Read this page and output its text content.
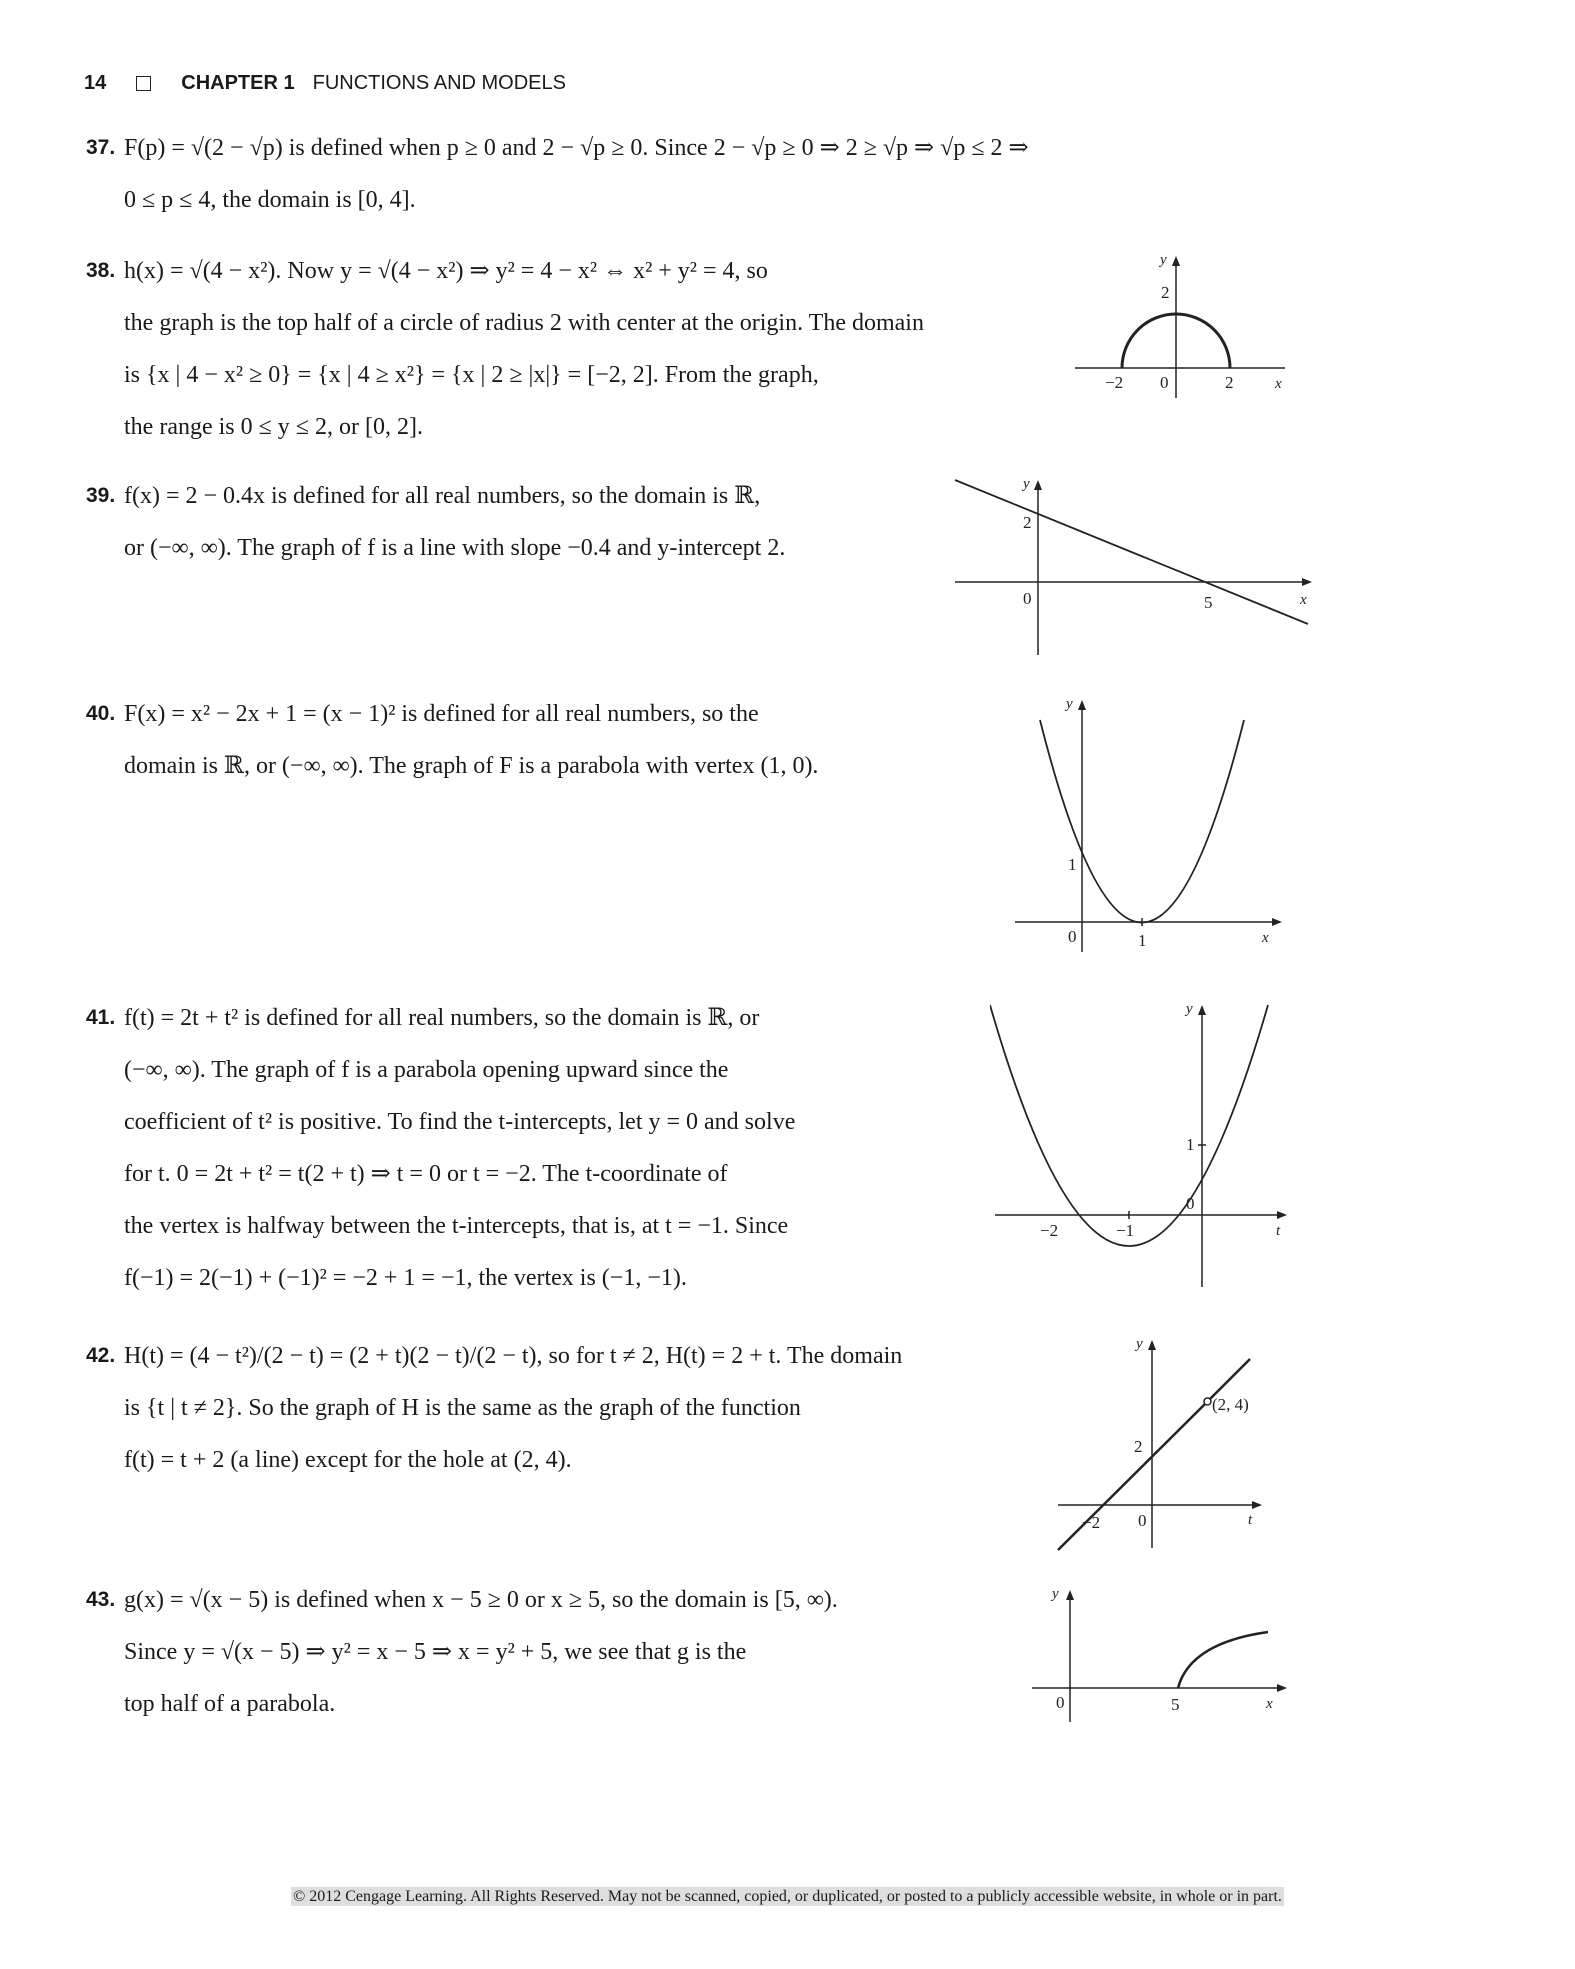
14	CHAPTER 1 FUNCTIONS AND MODELS
37. F(p) = √(2 − √p) is defined when p ≥ 0 and 2 − √p ≥ 0. Since 2 − √p ≥ 0 ⇒ 2 ≥ √p ⇒ √p ≤ 2 ⇒
0 ≤ p ≤ 4, the domain is [0, 4].
38. h(x) = √(4 − x²). Now y = √(4 − x²) ⇒ y² = 4 − x² ⇔ x² + y² = 4, so
the graph is the top half of a circle of radius 2 with center at the origin. The domain
is {x | 4 − x² ≥ 0} = {x | 4 ≥ x²} = {x | 2 ≥ |x|} = [−2, 2]. From the graph,
the range is 0 ≤ y ≤ 2, or [0, 2].
39. f(x) = 2 − 0.4x is defined for all real numbers, so the domain is ℝ,
or (−∞, ∞). The graph of f is a line with slope −0.4 and y-intercept 2.
40. F(x) = x² − 2x + 1 = (x − 1)² is defined for all real numbers, so the
domain is ℝ, or (−∞, ∞). The graph of F is a parabola with vertex (1, 0).
41. f(t) = 2t + t² is defined for all real numbers, so the domain is ℝ, or
(−∞, ∞). The graph of f is a parabola opening upward since the
coefficient of t² is positive. To find the t-intercepts, let y = 0 and solve
for t. 0 = 2t + t² = t(2 + t) ⇒ t = 0 or t = −2. The t-coordinate of
the vertex is halfway between the t-intercepts, that is, at t = −1. Since
f(−1) = 2(−1) + (−1)² = −2 + 1 = −1, the vertex is (−1, −1).
42. H(t) = (4 − t²)/(2 − t) = (2 + t)(2 − t)/(2 − t), so for t ≠ 2, H(t) = 2 + t. The domain
is {t | t ≠ 2}. So the graph of H is the same as the graph of the function
f(t) = t + 2 (a line) except for the hole at (2, 4).
43. g(x) = √(x − 5) is defined when x − 5 ≥ 0 or x ≥ 5, so the domain is [5, ∞).
Since y = √(x − 5) ⇒ y² = x − 5 ⇒ x = y² + 5, we see that g is the
top half of a parabola.
y
x
2
−2 0	2
y
x
2
0	5
y
x
1
0	1
y
t
1
0
−2	−1
y
t
2
0
−2
(2, 4)
y
x
0	5
© 2012 Cengage Learning. All Rights Reserved. May not be scanned, copied, or duplicated, or posted to a publicly accessible website, in whole or in part.
